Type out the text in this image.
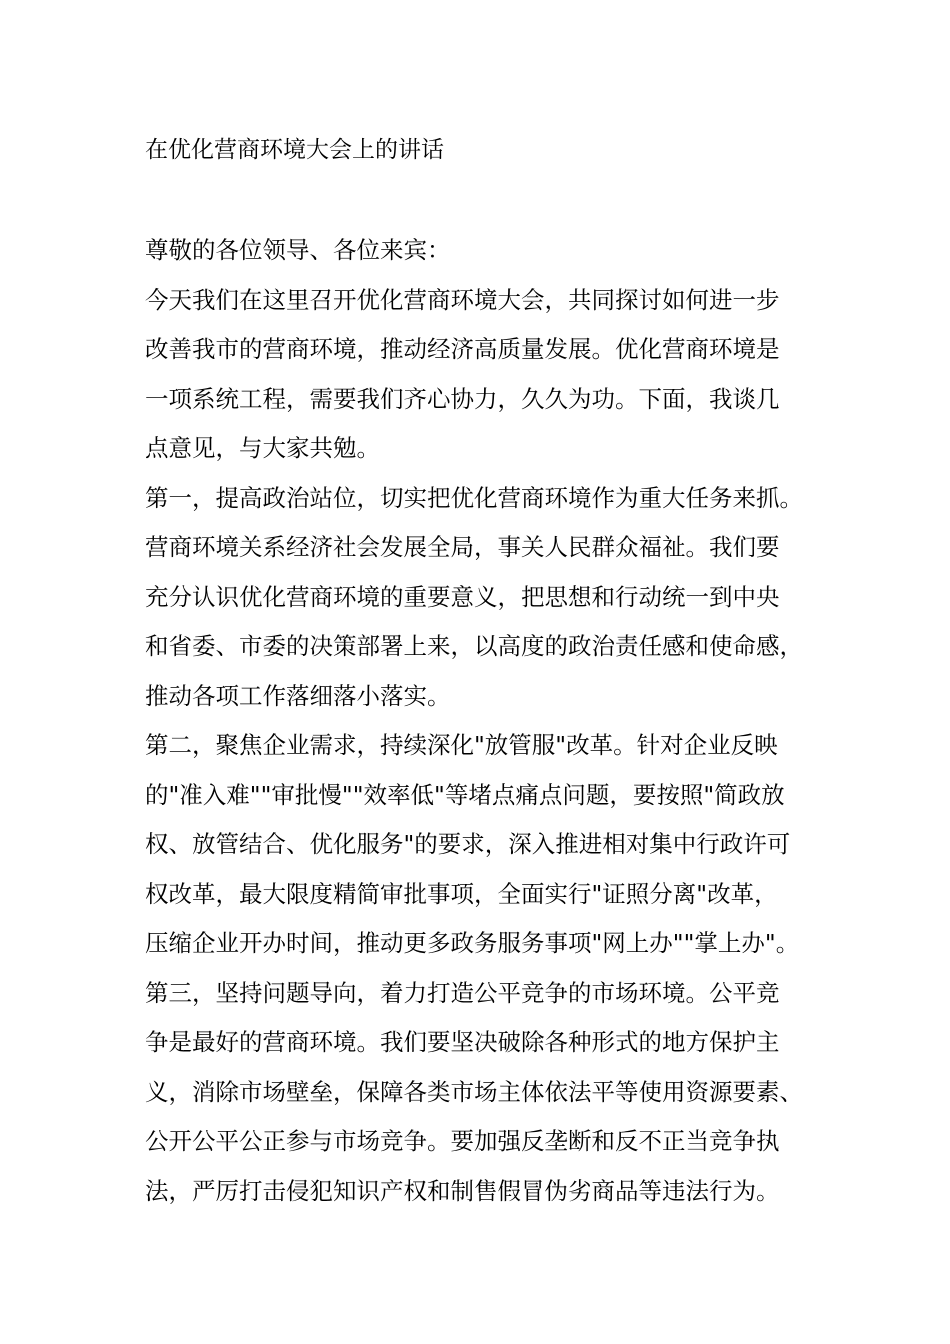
在优化营商环境大会上的讲话
尊敬的各位领导、各位来宾：
今天我们在这里召开优化营商环境大会，共同探讨如何进一步
改善我市的营商环境，推动经济高质量发展。优化营商环境是
一项系统工程，需要我们齐心协力，久久为功。下面，我谈几
点意见，与大家共勉。
第一，提高政治站位，切实把优化营商环境作为重大任务来抓。
营商环境关系经济社会发展全局，事关人民群众福祉。我们要
充分认识优化营商环境的重要意义，把思想和行动统一到中央
和省委、市委的决策部署上来，以高度的政治责任感和使命感，
推动各项工作落细落小落实。
第二，聚焦企业需求，持续深化"放管服"改革。针对企业反映
的"准入难""审批慢""效率低"等堵点痛点问题，要按照"简政放
权、放管结合、优化服务"的要求，深入推进相对集中行政许可
权改革，最大限度精简审批事项，全面实行"证照分离"改革，
压缩企业开办时间，推动更多政务服务事项"网上办""掌上办"。
第三，坚持问题导向，着力打造公平竞争的市场环境。公平竞
争是最好的营商环境。我们要坚决破除各种形式的地方保护主
义，消除市场壁垒，保障各类市场主体依法平等使用资源要素、
公开公平公正参与市场竞争。要加强反垄断和反不正当竞争执
法，严厉打击侵犯知识产权和制售假冒伪劣商品等违法行为。
